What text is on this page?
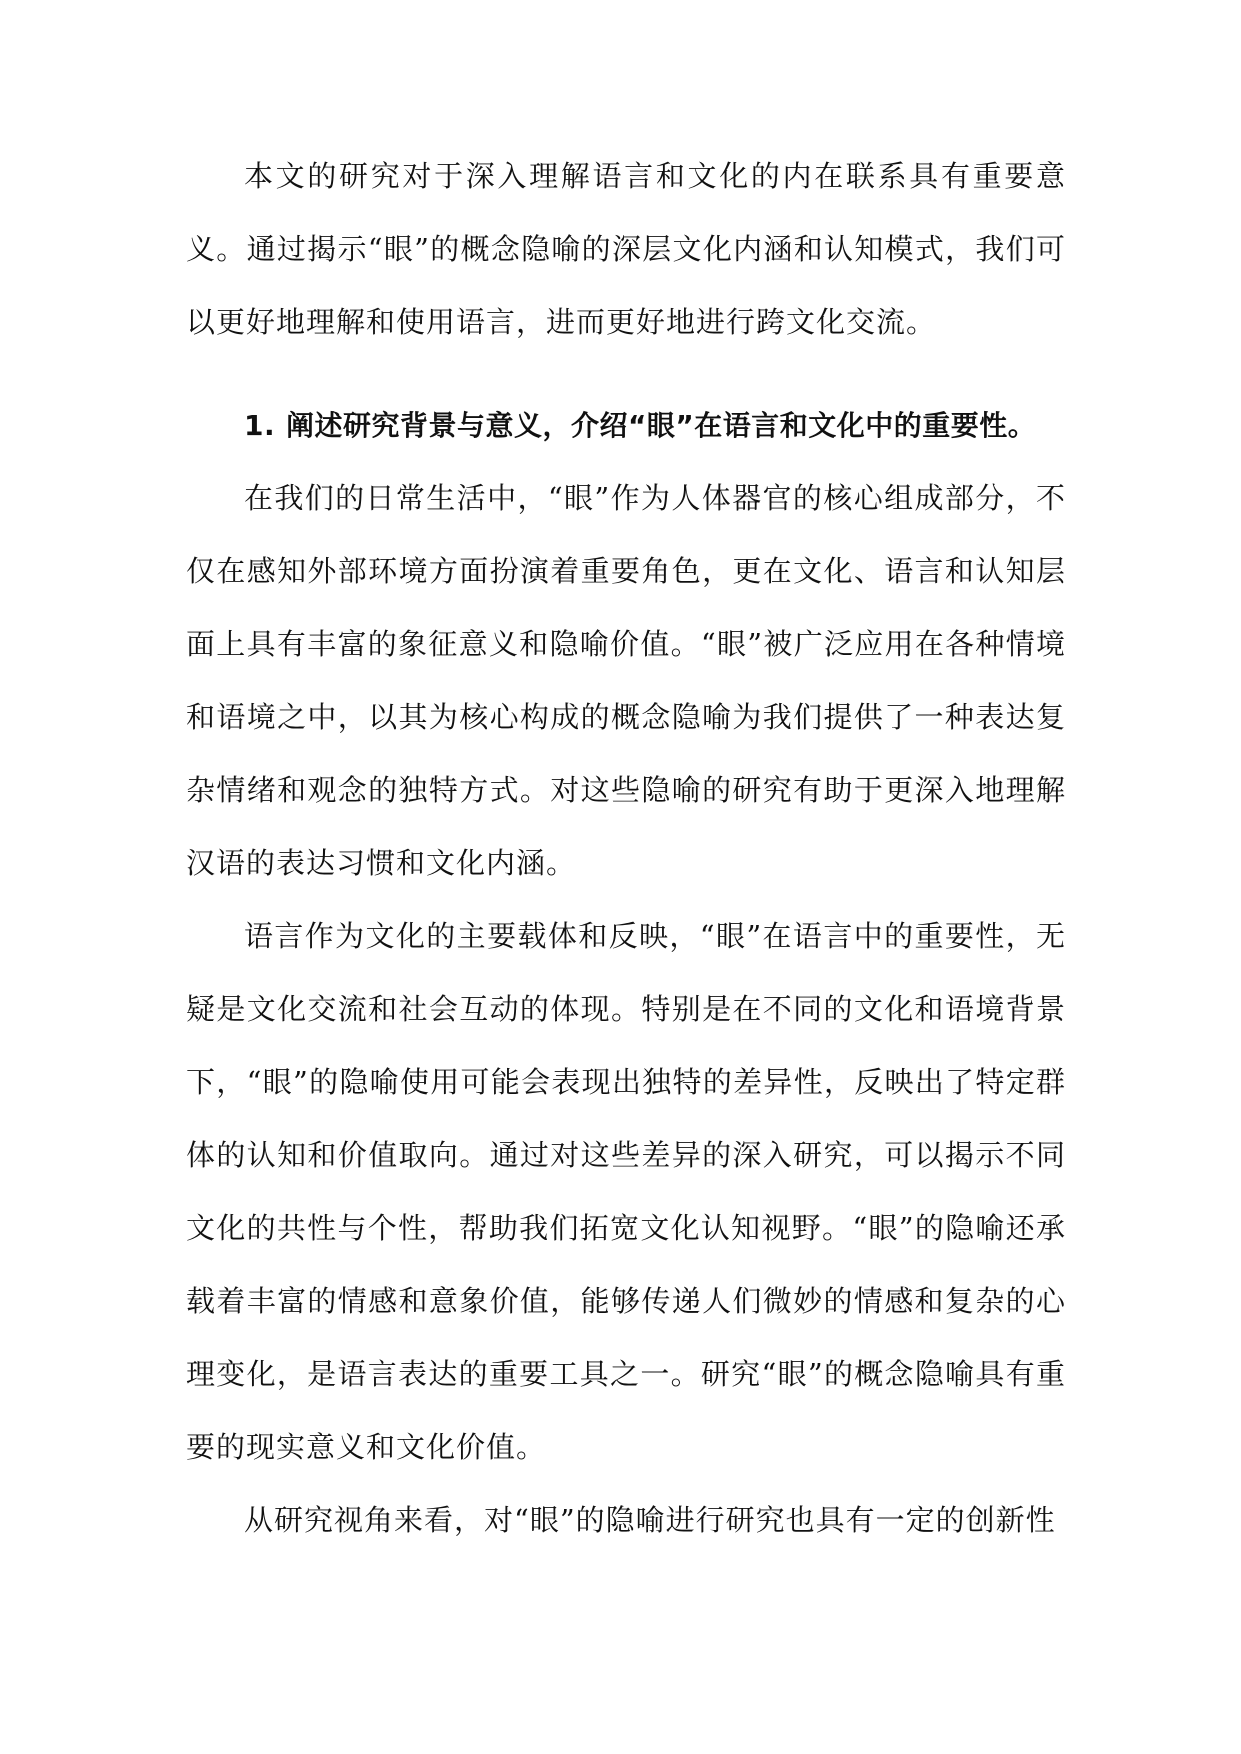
本文的研究对于深入理解语言和文化的内在联系具有重要意义。通过揭示“眼”的概念隐喻的深层文化内涵和认知模式，我们可以更好地理解和使用语言，进而更好地进行跨文化交流。

1. 阐述研究背景与意义，介绍“眼”在语言和文化中的重要性。

在我们的日常生活中，“眼”作为人体器官的核心组成部分，不仅在感知外部环境方面扮演着重要角色，更在文化、语言和认知层面上具有丰富的象征意义和隐喻价值。“眼”被广泛应用在各种情境和语境之中，以其为核心构成的概念隐喻为我们提供了一种表达复杂情绪和观念的独特方式。对这些隐喻的研究有助于更深入地理解汉语的表达习惯和文化内涵。

语言作为文化的主要载体和反映，“眼”在语言中的重要性，无疑是文化交流和社会互动的体现。特别是在不同的文化和语境背景下，“眼”的隐喻使用可能会表现出独特的差异性，反映出了特定群体的认知和价值取向。通过对这些差异的深入研究，可以揭示不同文化的共性与个性，帮助我们拓宽文化认知视野。“眼”的隐喻还承载着丰富的情感和意象价值，能够传递人们微妙的情感和复杂的心理变化，是语言表达的重要工具之一。研究“眼”的概念隐喻具有重要的现实意义和文化价值。

从研究视角来看，对“眼”的隐喻进行研究也具有一定的创新性
